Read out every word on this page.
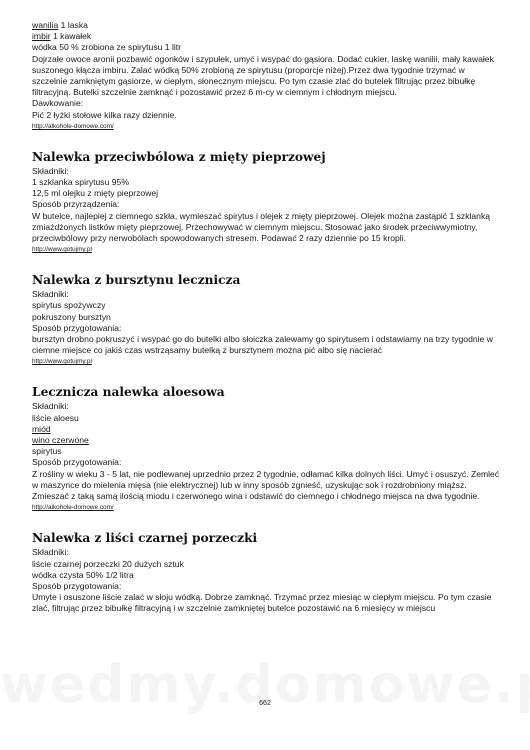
wanilia 1 laska
imbir 1 kawałek
wódka 50 % zrobiona ze spirytusu 1 litr
Dojrzałe owoce aronii pozbawić ogonków i szypułek, umyć i wsypać do gąsiora. Dodać cukier, laskę wanilii, mały kawałek suszonego kłącza imbiru. Zalać wódką 50% zrobioną ze spirytusu (proporcje niżej).Przez dwa tygodnie trzymać w szczelnie zamkniętym gąsiorze, w ciepłym, słonecznym miejscu. Po tym czasie zlać do butelek filtrując przez bibułkę filtracyjną. Butelki szczelnie zamknąć i pozostawić przez 6 m-cy w ciemnym i chłodnym miejscu.
Dawkowanie:
Pić 2 łyżki stołowe kilka razy dziennie.
http://alkohole-domowe.com/
Nalewka przeciwbólowa z mięty pieprzowej
Składniki:
1 szklanka spirytusu 95%
12,5 ml olejku z mięty pieprzowej
Sposób przyrządzenia:
W butelce, najlepiej z ciemnego szkła, wymieszać spirytus i olejek z mięty pieprzowej. Olejek można zastąpić 1 szklanką zmiażdżonych listków mięty pieprzowej. Przechowywać w ciemnym miejscu. Stosować jako środek przeciwwymiotny, przeciwbólowy przy nerwobólach spowodowanych stresem. Podawać 2 razy dziennie po 15 kropli.
http://www.gotujmy.pl
Nalewka z bursztynu lecznicza
Składniki:
spirytus spożywczy
pokruszony bursztyn
Sposób przygotowania:
bursztyn drobno pokruszyć i wsypać go do butelki albo słoiczka zalewamy go spirytusem i odstawiamy na trzy tygodnie w ciemne miejsce co jakiś czas wstrząsamy butelką z bursztynem można pić albo się nacierać
http://www.gotujmy.pl
Lecznicza nalewka aloesowa
Składniki:
liście aloesu
miód
wino czerwone
spirytus
Sposób przygotowania:
Z rośliny w wieku 3 - 5 lat, nie podlewanej uprzednio przez 2 tygodnie, odłamać kilka dolnych liści. Umyć i osuszyć. Zemleć w maszynce do mielenia mięsa (nie elektrycznej) lub w inny sposób zgnieść, uzyskując sok i rozdrobniony miąższ. Zmieszać z taką samą ilością miodu i czerwonego wina i odstawić do ciemnego i chłodnego miejsca na dwa tygodnie.
http://alkohole-domowe.com/
Nalewka z liści czarnej porzeczki
Składniki:
liście czarnej porzeczki 20 dużych sztuk
wódka czysta 50% 1/2 litra
Sposób przygotowania:
Umyte i osuszone liście zalać w słoju wódką. Dobrze zamknąć. Trzymać przez miesiąc w ciepłym miejscu. Po tym czasie zlać, filtrując przez bibułkę filtracyjną i w szczelnie zamkniętej butelce pozostawić na 6 miesięcy w miejscu
662
